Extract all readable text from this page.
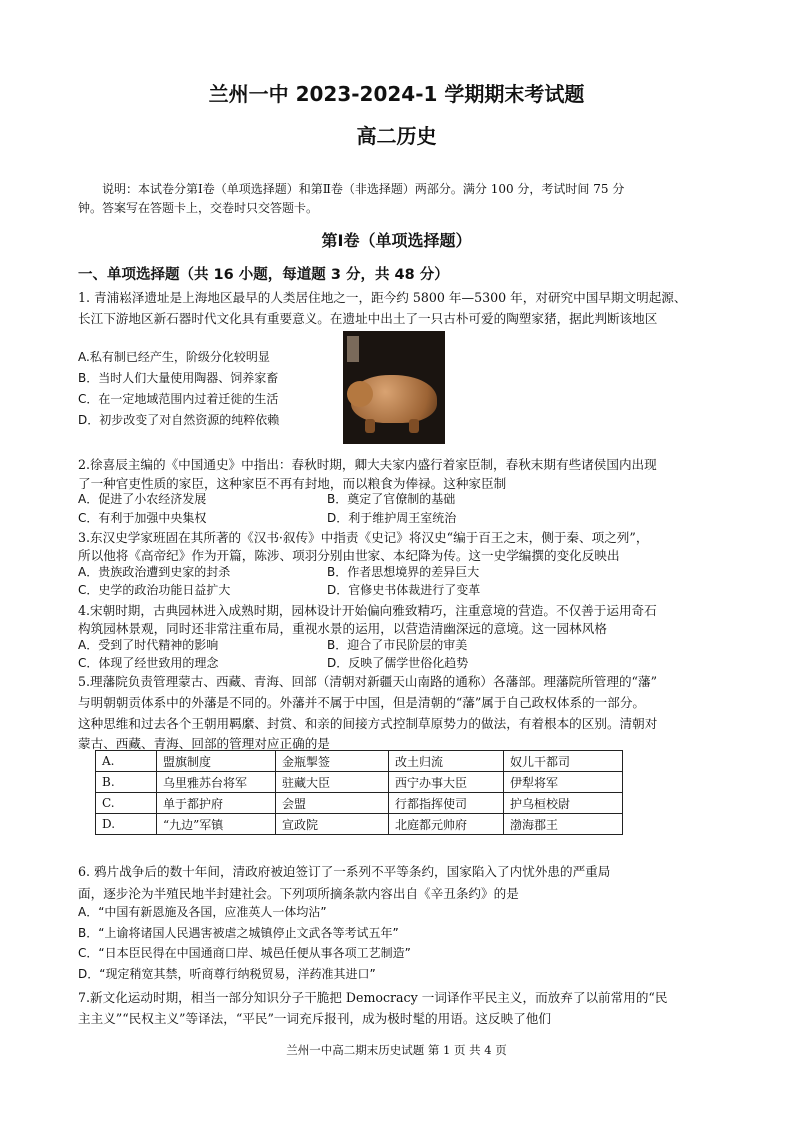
兰州一中 2023-2024-1 学期期末考试题
高二历史
说明：本试卷分第Ⅰ卷（单项选择题）和第Ⅱ卷（非选择题）两部分。满分 100 分，考试时间 75 分
钟。答案写在答题卡上，交卷时只交答题卡。
第Ⅰ卷（单项选择题）
一、单项选择题（共 16 小题，每道题 3 分，共 48 分）
1. 青浦崧泽遗址是上海地区最早的人类居住地之一，距今约 5800 年—5300 年，对研究中国早期文明起源、
长江下游地区新石器时代文化具有重要意义。在遗址中出土了一只古朴可爱的陶塑家猪，据此判断该地区
A.私有制已经产生，阶级分化较明显
B．当时人们大量使用陶器、饲养家畜
C．在一定地域范围内过着迁徙的生活
D．初步改变了对自然资源的纯粹依赖
2.徐喜辰主编的《中国通史》中指出：春秋时期，卿大夫家内盛行着家臣制，春秋末期有些诸侯国内出现
了一种官吏性质的家臣，这种家臣不再有封地，而以粮食为俸禄。这种家臣制
A．促进了小农经济发展	B．奠定了官僚制的基础
C．有利于加强中央集权	D．利于维护周王室统治
3.东汉史学家班固在其所著的《汉书·叙传》中指责《史记》将汉史“编于百王之末，侧于秦、项之列”，
所以他将《高帝纪》作为开篇，陈涉、项羽分别由世家、本纪降为传。这一史学编撰的变化反映出
A．贵族政治遭到史家的封杀	B．作者思想境界的差异巨大
C．史学的政治功能日益扩大	D．官修史书体裁进行了变革
4.宋朝时期，古典园林进入成熟时期，园林设计开始偏向雅致精巧，注重意境的营造。不仅善于运用奇石
构筑园林景观，同时还非常注重布局，重视水景的运用，以营造清幽深远的意境。这一园林风格
A．受到了时代精神的影响	B．迎合了市民阶层的审美
C．体现了经世致用的理念	D．反映了儒学世俗化趋势
5.理藩院负责管理蒙古、西藏、青海、回部（清朝对新疆天山南路的通称）各藩部。理藩院所管理的“藩”
与明朝朝贡体系中的外藩是不同的。外藩并不属于中国，但是清朝的“藩”属于自己政权体系的一部分。
这种思维和过去各个王朝用羁縻、封赏、和亲的间接方式控制草原势力的做法，有着根本的区别。清朝对
蒙古、西藏、青海、回部的管理对应正确的是
A.	盟旗制度	金瓶掣签	改土归流	奴儿干都司
B.	乌里雅苏台将军	驻藏大臣	西宁办事大臣	伊犁将军
C.	单于都护府	会盟	行都指挥使司	护乌桓校尉
D.	“九边”军镇	宣政院	北庭都元帅府	渤海郡王
6. 鸦片战争后的数十年间，清政府被迫签订了一系列不平等条约，国家陷入了内忧外患的严重局
面，逐步沦为半殖民地半封建社会。下列项所摘条款内容出自《辛丑条约》的是
A．“中国有新恩施及各国，应准英人一体均沾”
B．“上谕将诸国人民遇害被虐之城镇停止文武各等考试五年”
C．“日本臣民得在中国通商口岸、城邑任便从事各项工艺制造”
D．“现定稍宽其禁，听商尊行纳税贸易，洋药准其进口”
7.新文化运动时期，相当一部分知识分子干脆把 Democracy 一词译作平民主义，而放弃了以前常用的“民
主主义”“民权主义”等译法，“平民”一词充斥报刊，成为极时髦的用语。这反映了他们
兰州一中高二期末历史试题 第 1 页 共 4 页
